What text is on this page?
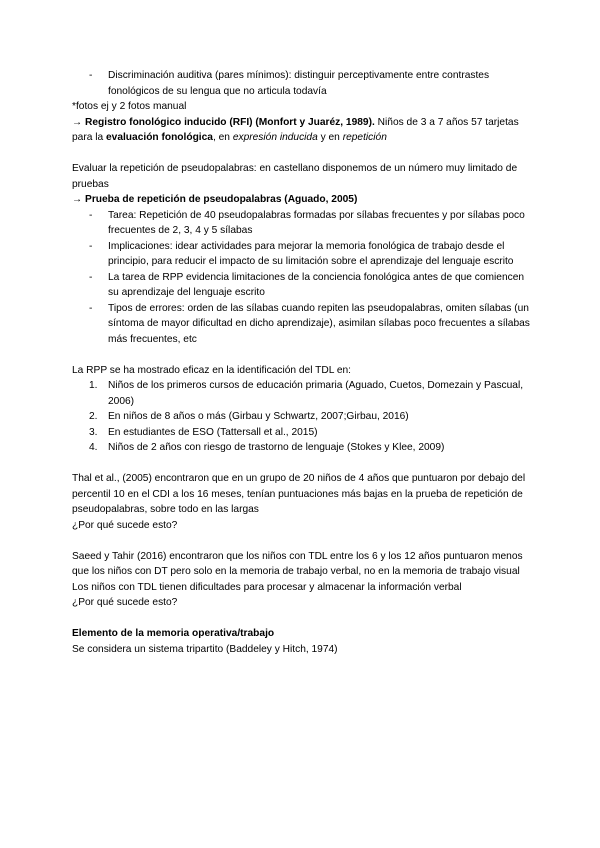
- Discriminación auditiva (pares mínimos): distinguir perceptivamente entre contrastes fonológicos de su lengua que no articula todavía

*fotos ej y 2 fotos manual

→ Registro fonológico inducido (RFI) (Monfort y Juaréz, 1989). Niños de 3 a 7 años 57 tarjetas para la evaluación fonológica, en expresión inducida y en repetición

Evaluar la repetición de pseudopalabras: en castellano disponemos de un número muy limitado de pruebas

→ Prueba de repetición de pseudopalabras (Aguado, 2005)

- Tarea: Repetición de 40 pseudopalabras formadas por sílabas frecuentes y por sílabas poco frecuentes de 2, 3, 4 y 5 sílabas
- Implicaciones: idear actividades para mejorar la memoria fonológica de trabajo desde el principio, para reducir el impacto de su limitación sobre el aprendizaje del lenguaje escrito
- La tarea de RPP evidencia limitaciones de la conciencia fonológica antes de que comiencen su aprendizaje del lenguaje escrito
- Tipos de errores: orden de las sílabas cuando repiten las pseudopalabras, omiten sílabas (un síntoma de mayor dificultad en dicho aprendizaje), asimilan sílabas poco frecuentes a sílabas más frecuentes, etc

La RPP se ha mostrado eficaz en la identificación del TDL en:

1. Niños de los primeros cursos de educación primaria (Aguado, Cuetos, Domezain y Pascual, 2006)
2. En niños de 8 años o más (Girbau y Schwartz, 2007;Girbau, 2016)
3. En estudiantes de ESO (Tattersall et al., 2015)
4. Niños de 2 años con riesgo de trastorno de lenguaje (Stokes y Klee, 2009)

Thal et al., (2005) encontraron que en un grupo de 20 niños de 4 años que puntuaron por debajo del percentil 10 en el CDI a los 16 meses, tenían puntuaciones más bajas en la prueba de repetición de pseudopalabras, sobre todo en las largas

¿Por qué sucede esto?

Saeed y Tahir (2016) encontraron que los niños con TDL entre los 6 y los 12 años puntuaron menos que los niños con DT pero solo en la memoria de trabajo verbal, no en la memoria de trabajo visual

Los niños con TDL tienen dificultades para procesar y almacenar la información verbal

¿Por qué sucede esto?

Elemento de la memoria operativa/trabajo

Se considera un sistema tripartito (Baddeley y Hitch, 1974)
